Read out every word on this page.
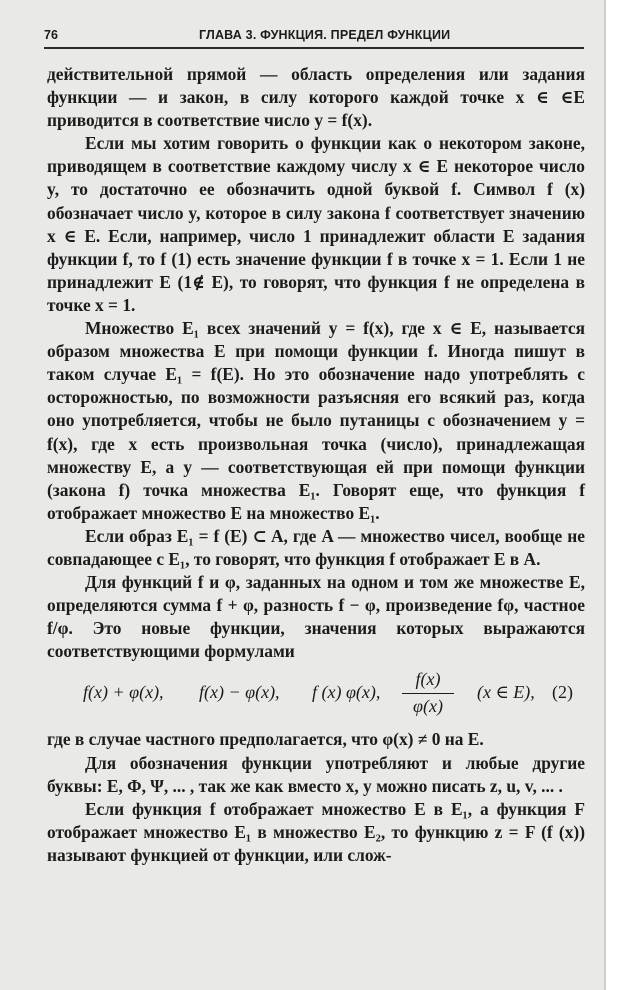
76	ГЛАВА 3. ФУНКЦИЯ. ПРЕДЕЛ ФУНКЦИИ

действительной прямой — область определения или задания функции — и закон, в силу которого каждой точке x ∈ ∈E приводится в соответствие число y = f(x).

Если мы хотим говорить о функции как о некотором законе, приводящем в соответствие каждому числу x ∈ E некоторое число y, то достаточно ее обозначить одной буквой f. Символ f (x) обозначает число y, которое в силу закона f соответствует значению x ∈ E. Если, например, число 1 принадлежит области E задания функции f, то f (1) есть значение функции f в точке x = 1. Если 1 не принадлежит E (1∉ E), то говорят, что функция f не определена в точке x = 1.

Множество E₁ всех значений y = f(x), где x ∈ E, называется образом множества E при помощи функции f. Иногда пишут в таком случае E₁ = f(E). Но это обозначение надо употреблять с осторожностью, по возможности разъясняя его всякий раз, когда оно употребляется, чтобы не было путаницы с обозначением y = f(x), где x есть произвольная точка (число), принадлежащая множеству E, а y — соответствующая ей при помощи функции (закона f) точка множества E₁. Говорят еще, что функция f отображает множество E на множество E₁.

Если образ E₁ = f (E) ⊂ A, где A — множество чисел, вообще не совпадающее с E₁, то говорят, что функция f отображает E в A.

Для функций f и φ, заданных на одном и том же множестве E, определяются сумма f + φ, разность f − φ, произведение fφ, частное f/φ. Это новые функции, значения которых выражаются соответствующими формулами

f(x) + φ(x), f(x) − φ(x), f (x) φ(x), $\frac{f(x)}{\varphi(x)} (x$ ∈ E), (2)

где в случае частного предполагается, что φ(x) ≠ 0 на E.

Для обозначения функции употребляют и любые другие буквы: E, Φ, Ψ, ... , так же как вместо x, y можно писать z, u, v, ... .

Если функция f отображает множество E в E₁, а функция F отображает множество E₁ в множество E₂, то функцию z = F (f (x)) называют функцией от функции, или слож-
